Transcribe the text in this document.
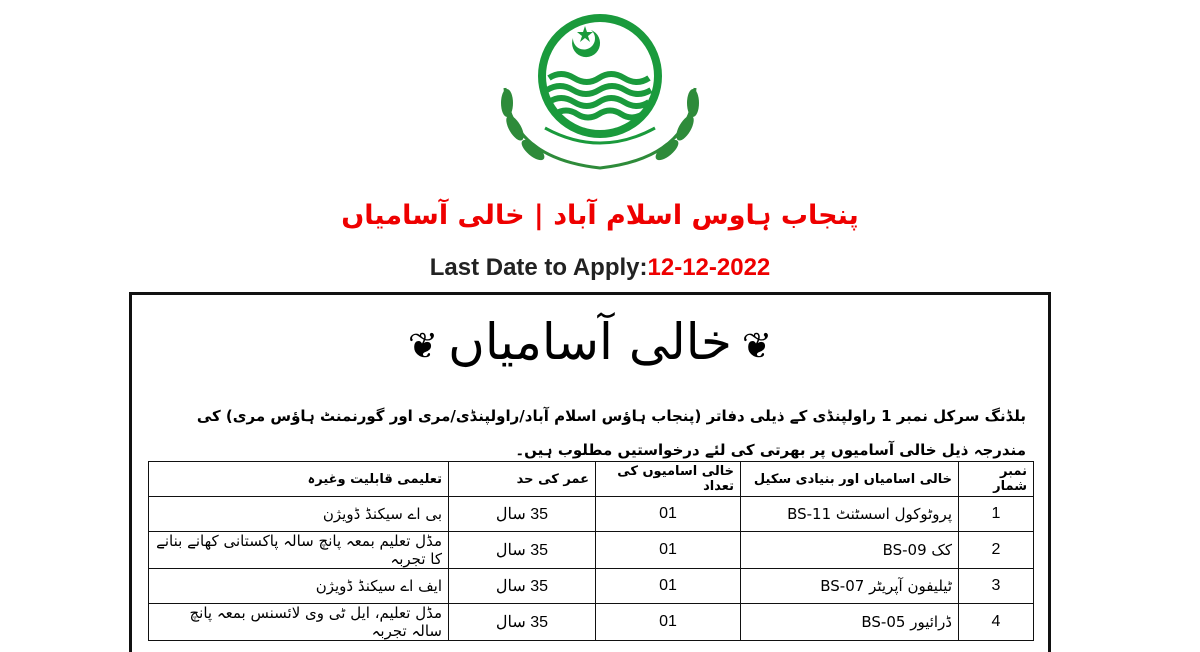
پنجاب ہاوس اسلام آباد | خالی آسامیاں
Last Date to Apply:12-12-2022
❦خالی آسامیاں❦
بلڈنگ سرکل نمبر 1 راولپنڈی کے ذیلی دفاتر (پنجاب ہاؤس اسلام آباد/راولپنڈی/مری اور گورنمنٹ ہاؤس مری) کی مندرجہ ذیل خالی آسامیوں پر بھرتی کی لئے درخواستیں مطلوب ہیں۔
نمبر شمار	خالی اسامیاں اور بنیادی سکیل	خالی اسامیوں کی تعداد	عمر کی حد	تعلیمی قابلیت وغیرہ
1	پروٹوکول اسسٹنٹ BS-11	01	35 سال	بی اے سیکنڈ ڈویژن
2	کک BS-09	01	35 سال	مڈل تعلیم بمعہ پانچ سالہ پاکستانی کھانے بنانے کا تجربہ
3	ٹیلیفون آپریٹر BS-07	01	35 سال	ایف اے سیکنڈ ڈویژن
4	ڈرائیور BS-05	01	35 سال	مڈل تعلیم، ایل ٹی وی لائسنس بمعہ پانچ سالہ تجربہ
